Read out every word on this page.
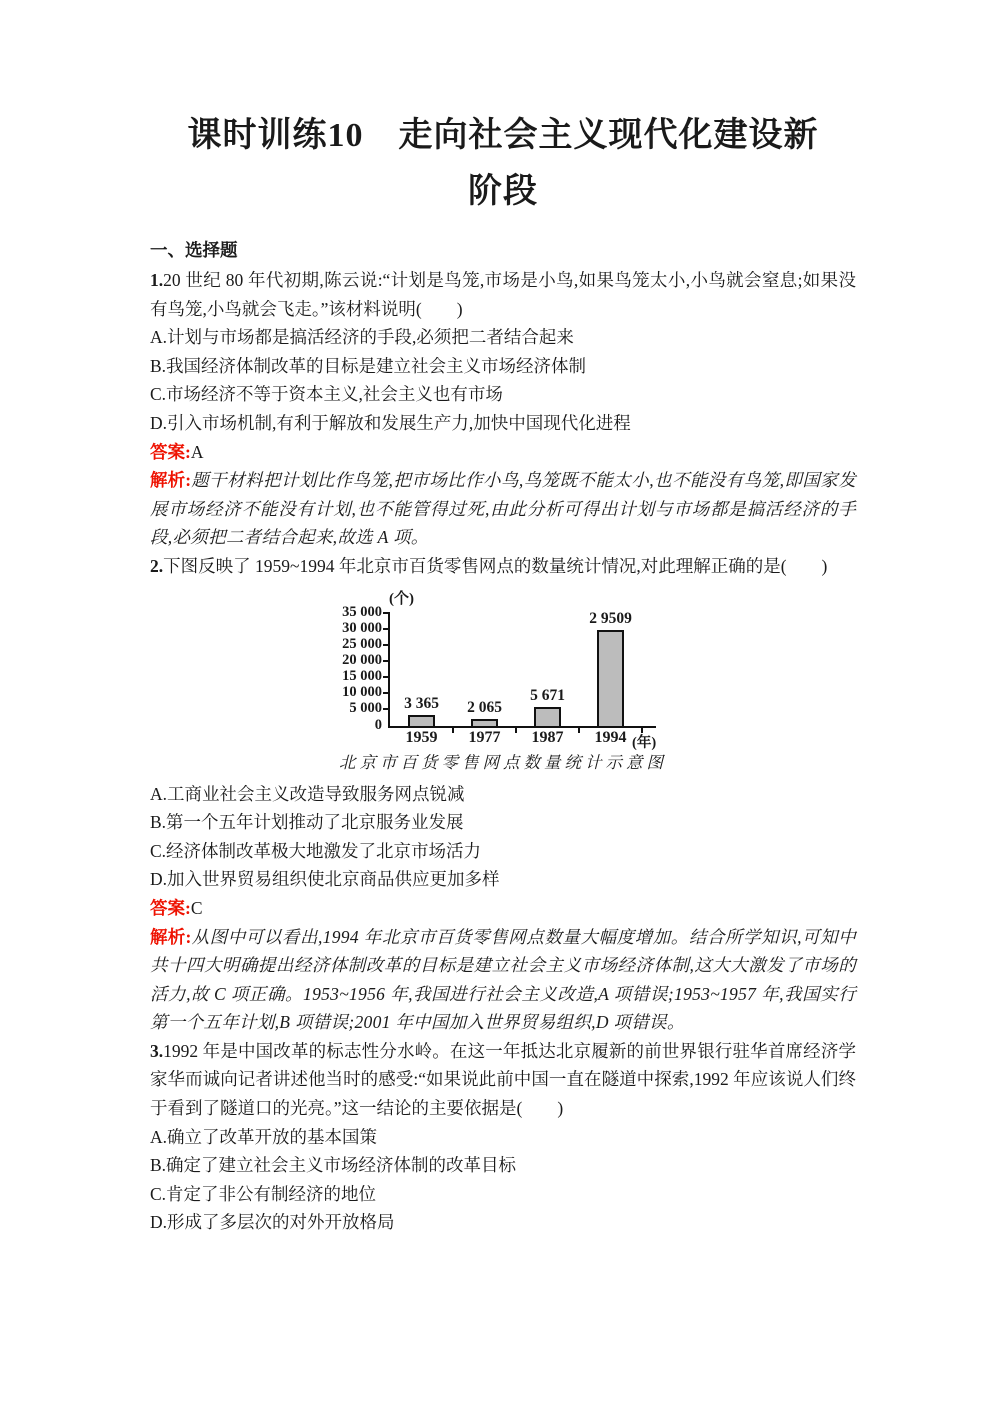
课时训练10　走向社会主义现代化建设新
阶段
一、选择题

1.20 世纪 80 年代初期,陈云说:“计划是鸟笼,市场是小鸟,如果鸟笼太小,小鸟就会窒息;如果没有鸟笼,小鸟就会飞走。”该材料说明(　　)

A.计划与市场都是搞活经济的手段,必须把二者结合起来
B.我国经济体制改革的目标是建立社会主义市场经济体制
C.市场经济不等于资本主义,社会主义也有市场
D.引入市场机制,有利于解放和发展生产力,加快中国现代化进程
答案:A

解析:题干材料把计划比作鸟笼,把市场比作小鸟,鸟笼既不能太小,也不能没有鸟笼,即国家发展市场经济不能没有计划,也不能管得过死,由此分析可得出计划与市场都是搞活经济的手段,必须把二者结合起来,故选 A 项。

2.下图反映了 1959~1994 年北京市百货零售网点的数量统计情况,对此理解正确的是(　　)

(个)
(年)
0
5 000
10 000
15 000
20 000
25 000
30 000
35 000
3 365
1959
2 065
1977
5 671
1987
2 9509
1994
北京市百货零售网点数量统计示意图
A.工商业社会主义改造导致服务网点锐减
B.第一个五年计划推动了北京服务业发展
C.经济体制改革极大地激发了北京市场活力
D.加入世界贸易组织使北京商品供应更加多样
答案:C

解析:从图中可以看出,1994 年北京市百货零售网点数量大幅度增加。结合所学知识,可知中共十四大明确提出经济体制改革的目标是建立社会主义市场经济体制,这大大激发了市场的活力,故 C 项正确。1953~1956 年,我国进行社会主义改造,A 项错误;1953~1957 年,我国实行第一个五年计划,B 项错误;2001 年中国加入世界贸易组织,D 项错误。

3.1992 年是中国改革的标志性分水岭。在这一年抵达北京履新的前世界银行驻华首席经济学家华而诚向记者讲述他当时的感受:“如果说此前中国一直在隧道中探索,1992 年应该说人们终于看到了隧道口的光亮。”这一结论的主要依据是(　　)

A.确立了改革开放的基本国策
B.确定了建立社会主义市场经济体制的改革目标
C.肯定了非公有制经济的地位
D.形成了多层次的对外开放格局
